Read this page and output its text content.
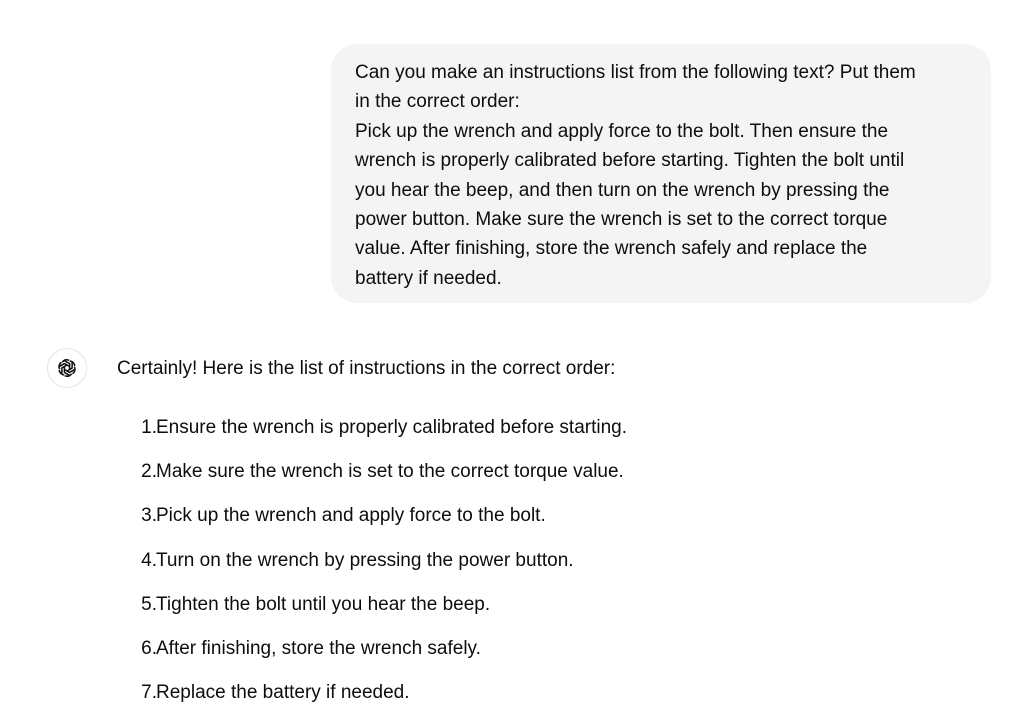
Can you make an instructions list from the following text? Put them
in the correct order:
Pick up the wrench and apply force to the bolt. Then ensure the
wrench is properly calibrated before starting. Tighten the bolt until
you hear the beep, and then turn on the wrench by pressing the
power button. Make sure the wrench is set to the correct torque
value. After finishing, store the wrench safely and replace the
battery if needed.

Certainly! Here is the list of instructions in the correct order:

1. Ensure the wrench is properly calibrated before starting.
2. Make sure the wrench is set to the correct torque value.
3. Pick up the wrench and apply force to the bolt.
4. Turn on the wrench by pressing the power button.
5. Tighten the bolt until you hear the beep.
6. After finishing, store the wrench safely.
7. Replace the battery if needed.
